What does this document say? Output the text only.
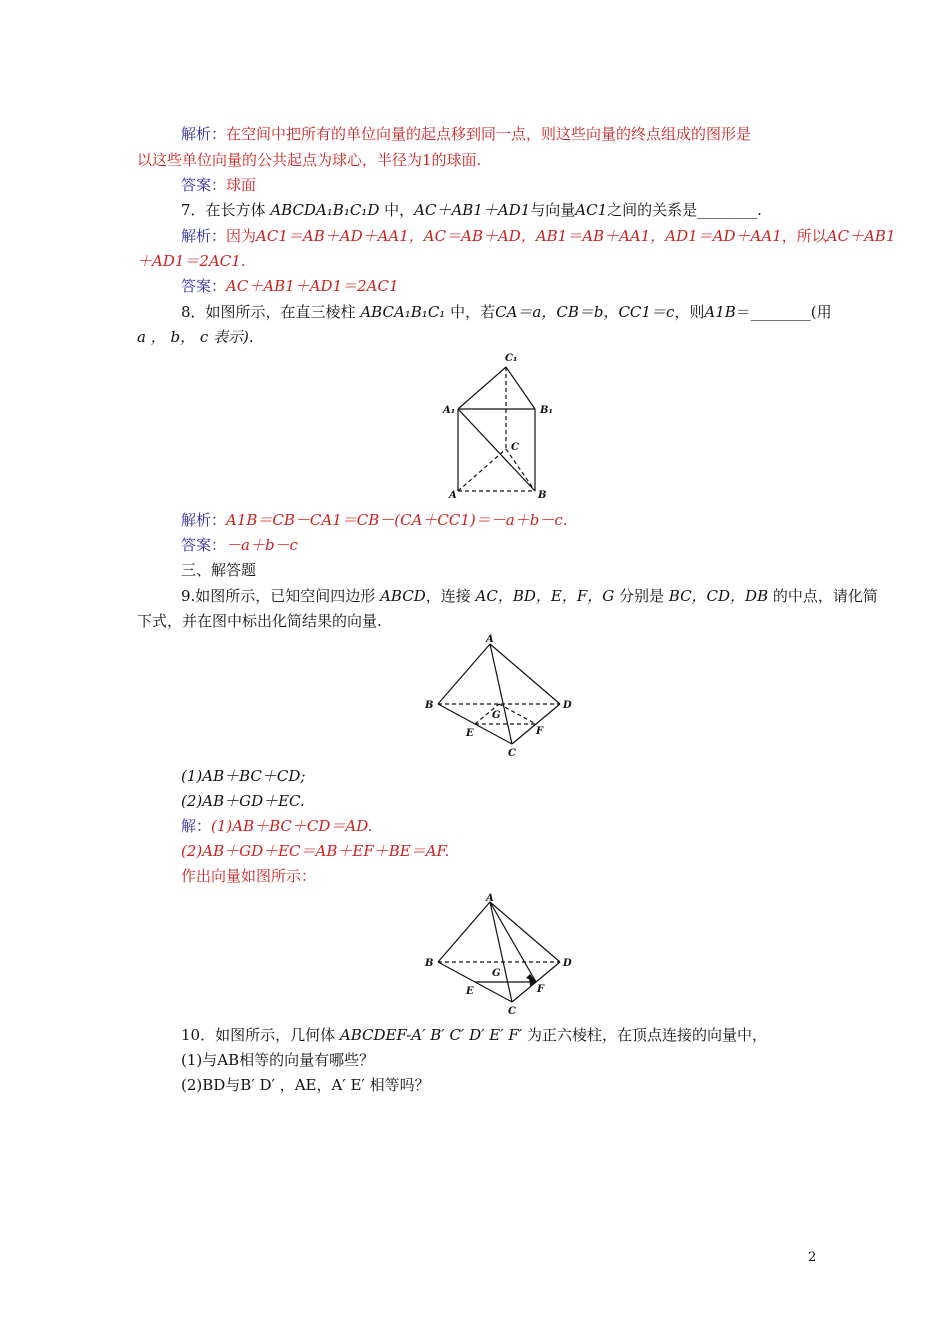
解析：在空间中把所有的单位向量的起点移到同一点，则这些向量的终点组成的图形是
以这些单位向量的公共起点为球心，半径为1的球面.
答案：球面
7．在长方体 ABCDA₁B₁C₁D 中，AC＋AB1＋AD1与向量AC1之间的关系是________.
解析：因为AC1＝AB＋AD＋AA1，AC＝AB＋AD，AB1＝AB＋AA1，AD1＝AD＋AA1，所以AC＋AB1
＋AD1＝2AC1.
答案：AC＋AB1＋AD1＝2AC1
8．如图所示，在直三棱柱 ABCA₁B₁C₁ 中，若CA＝a，CB＝b，CC1＝c，则A1B＝________(用
a ， b， c 表示).
C₁
A₁	B₁
C
A	B
解析：A1B＝CB－CA1＝CB－(CA＋CC1)＝－a＋b－c.
答案：－a＋b－c
三、解答题
9.如图所示，已知空间四边形 ABCD，连接 AC，BD，E，F，G 分别是 BC，CD，DB 的中点，请化简
下式，并在图中标出化简结果的向量.
A
B	D
G
E	F
C
(1)AB＋BC＋CD;
(2)AB＋GD＋EC.
解：(1)AB＋BC＋CD＝AD.
(2)AB＋GD＋EC＝AB＋EF＋BE＝AF.
作出向量如图所示：
A
B	D
G
E	F
C
10．如图所示，几何体 ABCDEF-A′ B′ C′ D′ E′ F′ 为正六棱柱，在顶点连接的向量中，
(1)与AB相等的向量有哪些？
(2)BD与B′ D′ ，AE，A′ E′ 相等吗？
2
